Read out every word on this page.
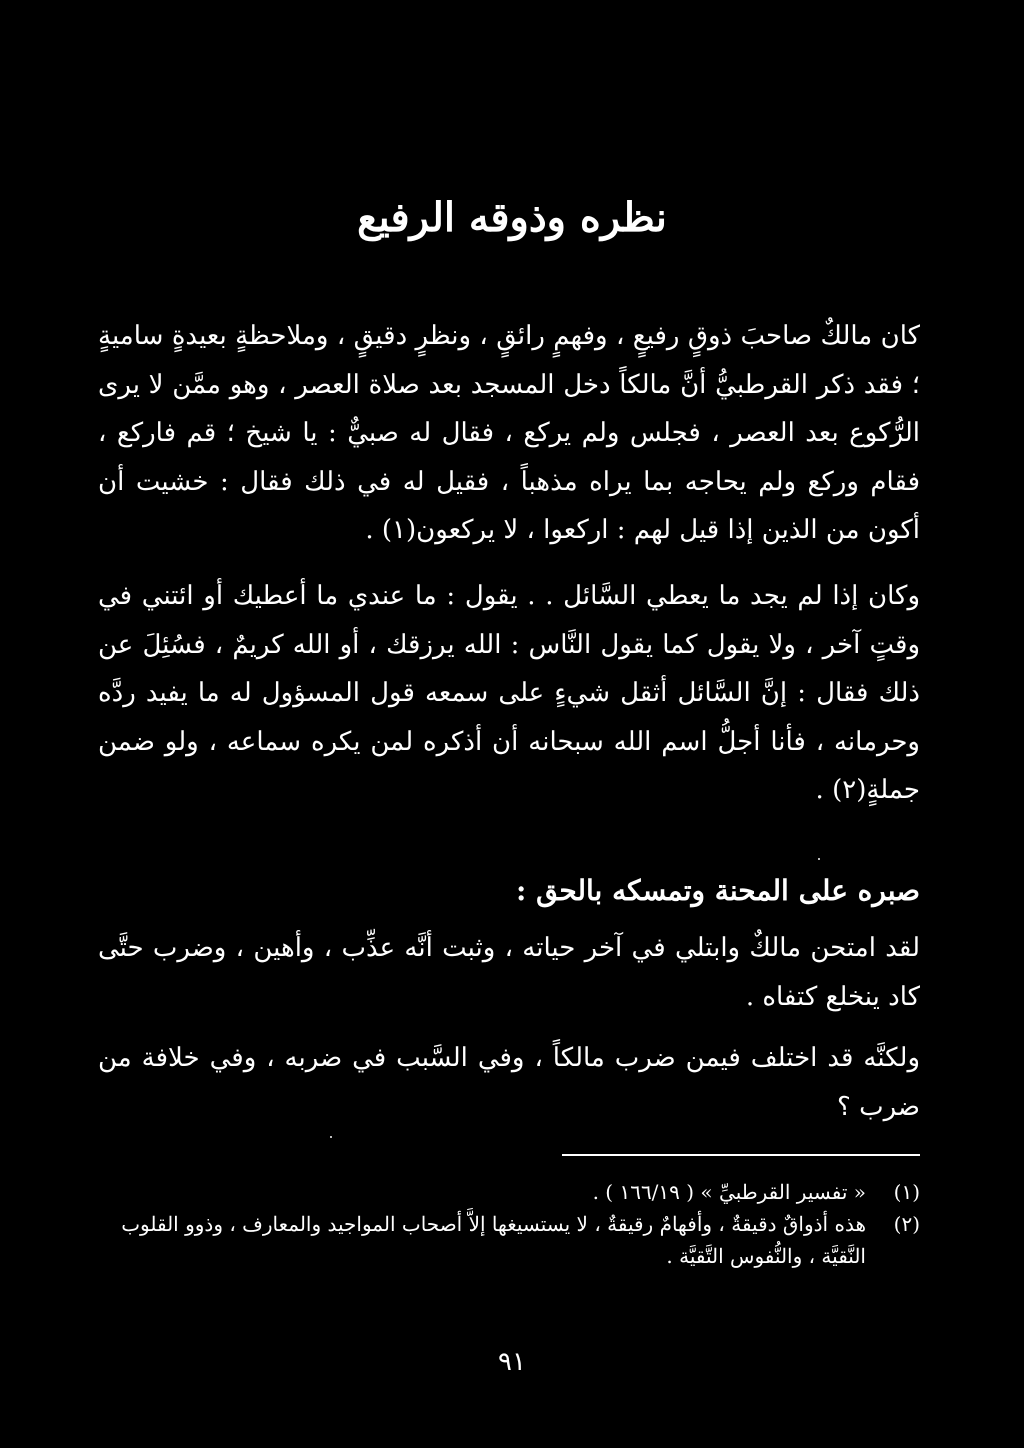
نظره وذوقه الرفيع
كان مالكٌ صاحبَ ذوقٍ رفيعٍ ، وفهمٍ رائقٍ ، ونظرٍ دقيقٍ ، وملاحظةٍ بعيدةٍ ساميةٍ ؛ فقد ذكر القرطبيُّ أنَّ مالكاً دخل المسجد بعد صلاة العصر ، وهو ممَّن لا يرى الرُّكوع بعد العصر ، فجلس ولم يركع ، فقال له صبيٌّ : يا شيخ ؛ قم فاركع ، فقام وركع ولم يحاجه بما يراه مذهباً ، فقيل له في ذلك فقال : خشيت أن أكون من الذين إذا قيل لهم : اركعوا ، لا يركعون(١) .
وكان إذا لم يجد ما يعطي السَّائل . . يقول : ما عندي ما أعطيك أو ائتني في وقتٍ آخر ، ولا يقول كما يقول النَّاس : الله يرزقك ، أو الله كريمٌ ، فسُئِلَ عن ذلك فقال : إنَّ السَّائل أثقل شيءٍ على سمعه قول المسؤول له ما يفيد ردَّه وحرمانه ، فأنا أجلُّ اسم الله سبحانه أن أذكره لمن يكره سماعه ، ولو ضمن جملةٍ(٢) .
صبره على المحنة وتمسكه بالحق :
لقد امتحن مالكٌ وابتلي في آخر حياته ، وثبت أنَّه عذِّب ، وأهين ، وضرب حتَّى كاد ينخلع كتفاه .
ولكنَّه قد اختلف فيمن ضرب مالكاً ، وفي السَّبب في ضربه ، وفي خلافة من ضرب ؟
(١)
« تفسير القرطبيِّ » ( ١٦٦/١٩ ) .
(٢)
هذه أذواقٌ دقيقةٌ ، وأفهامٌ رقيقةٌ ، لا يستسيغها إلاَّ أصحاب المواجيد والمعارف ، وذوو القلوب النَّقيَّة ، والنُّفوس التَّقيَّة .
٩١
